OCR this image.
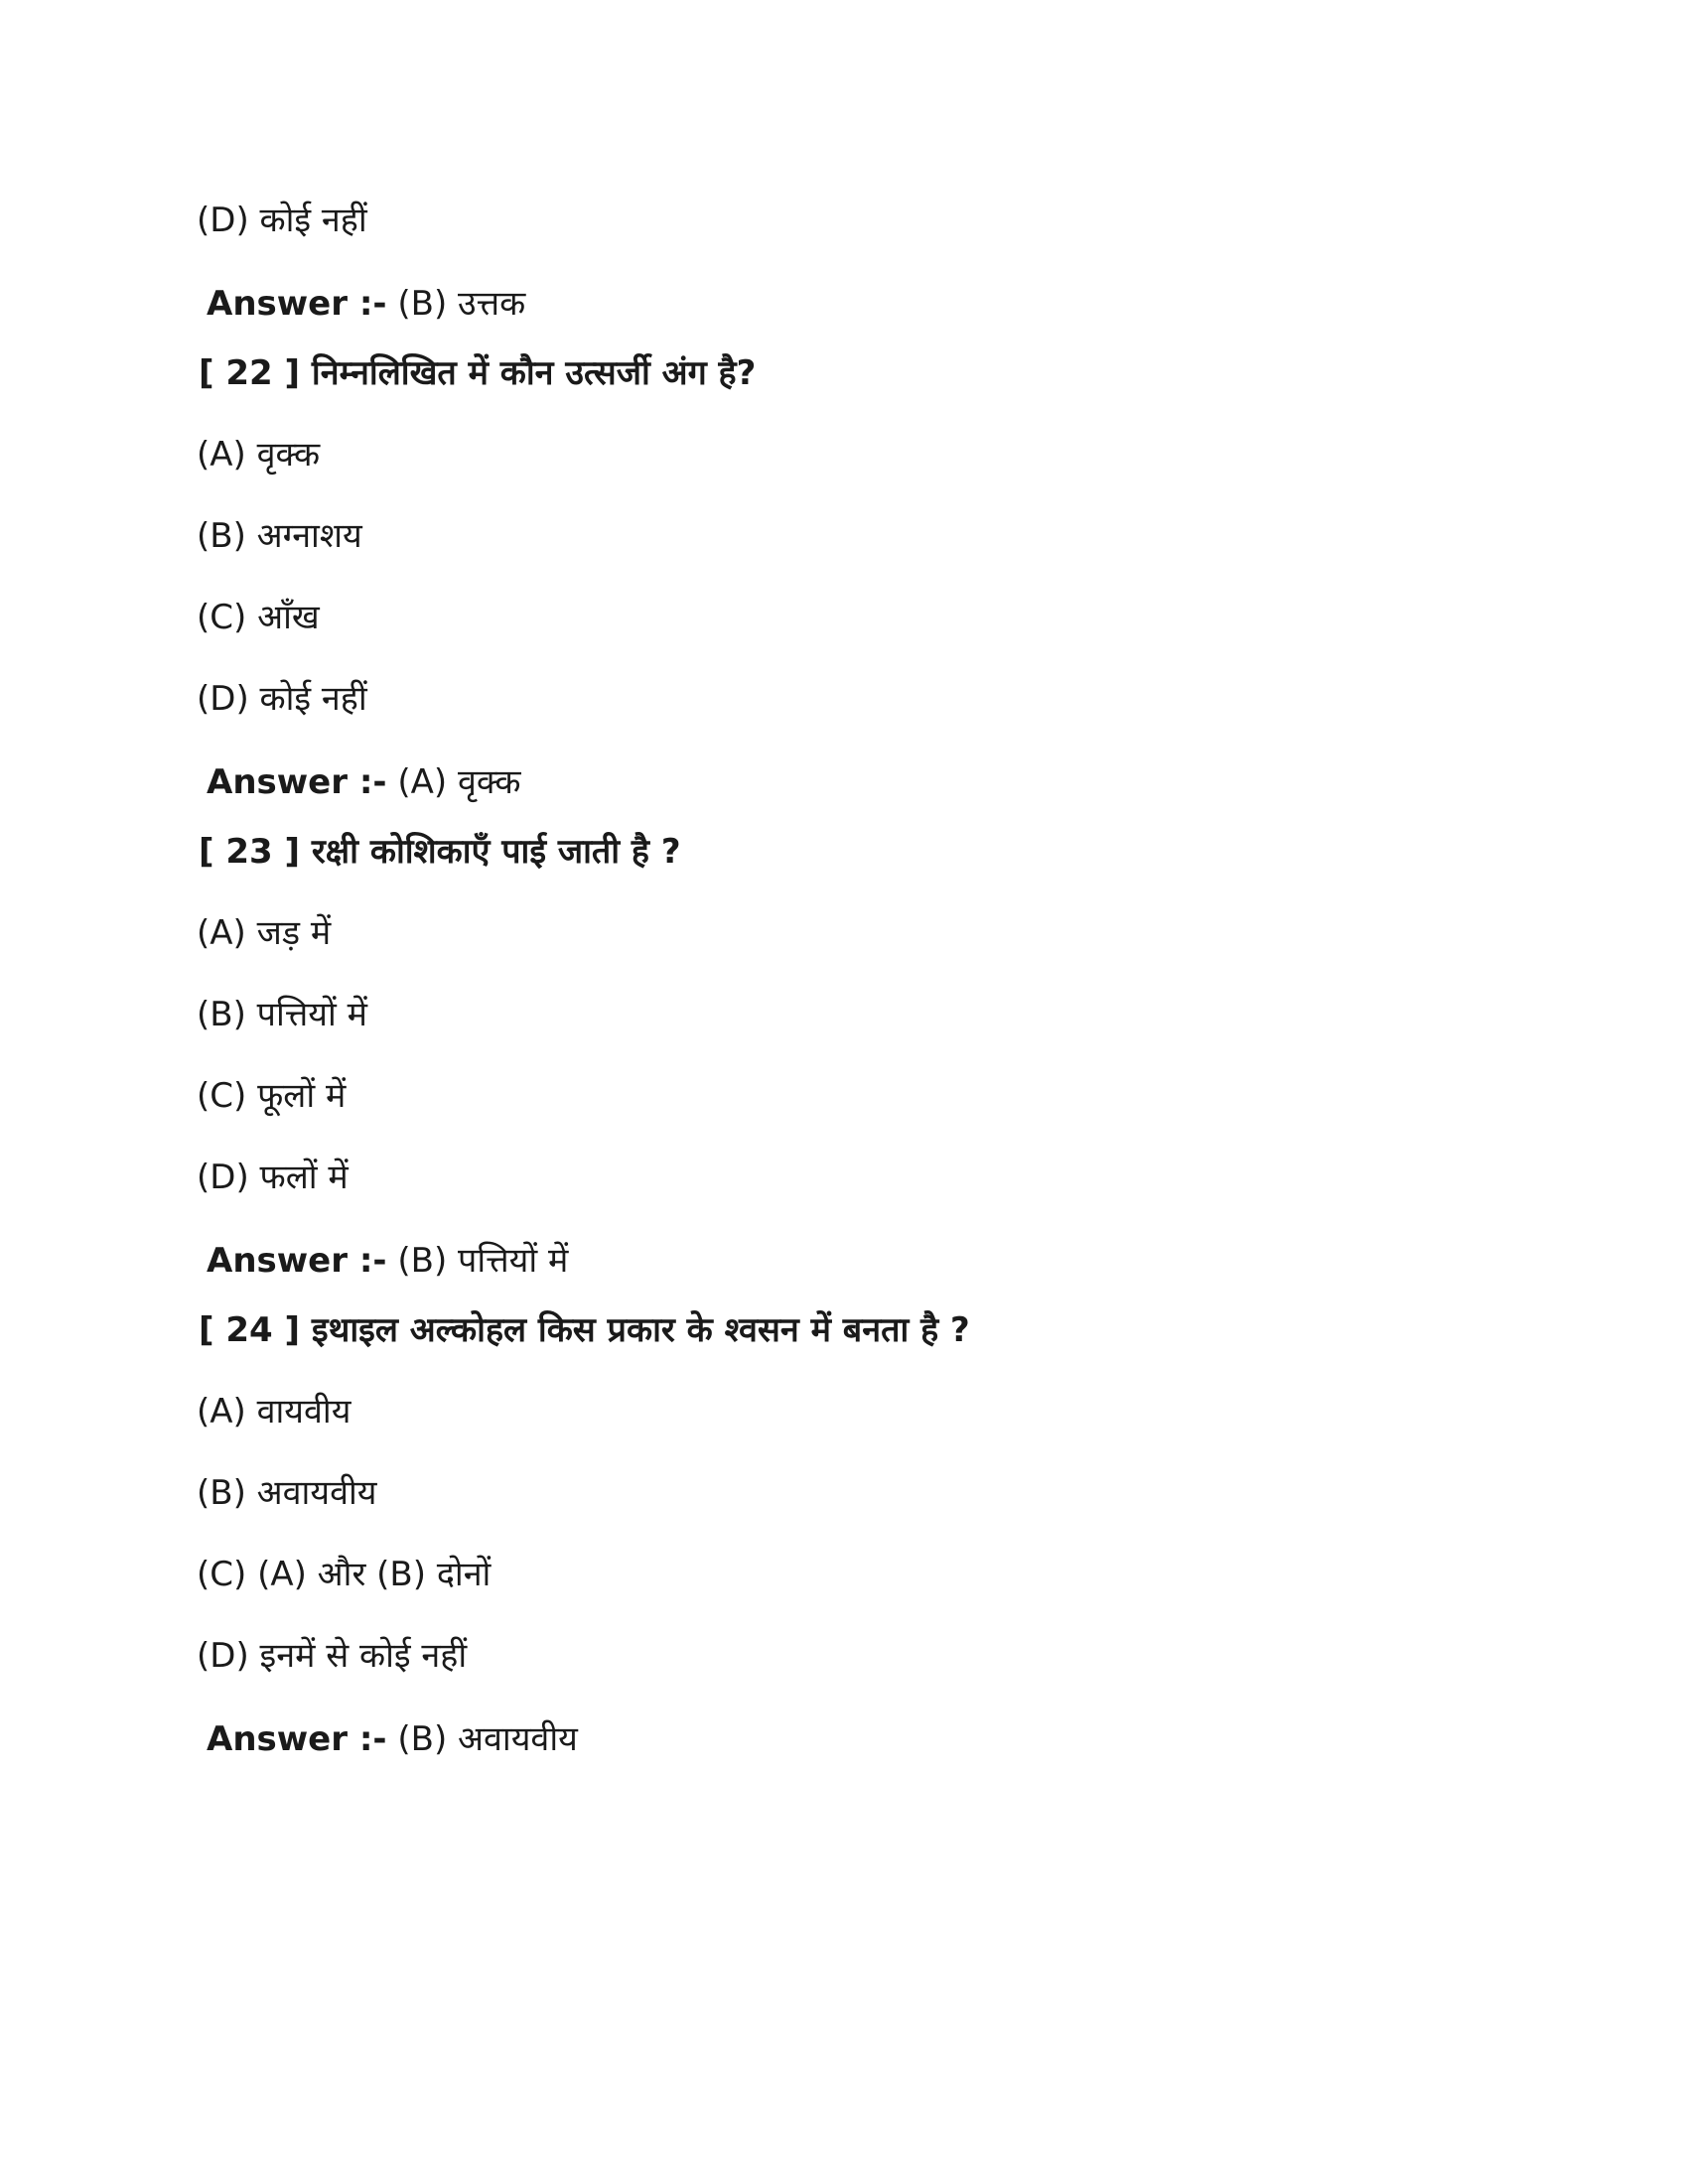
(D) कोई नहीं
Answer :- (B) उत्तक
[ 22 ] निम्नलिखित में कौन उत्सर्जी अंग है?
(A) वृक्क
(B) अग्नाशय
(C) आँख
(D) कोई नहीं
Answer :- (A) वृक्क
[ 23 ] रक्षी कोशिकाएँ पाई जाती है ?
(A) जड़ में
(B) पत्तियों में
(C) फूलों में
(D) फलों में
Answer :- (B) पत्तियों में
[ 24 ] इथाइल अल्कोहल किस प्रकार के श्वसन में बनता है ?
(A) वायवीय
(B) अवायवीय
(C) (A) और (B) दोनों
(D) इनमें से कोई नहीं
Answer :- (B) अवायवीय
